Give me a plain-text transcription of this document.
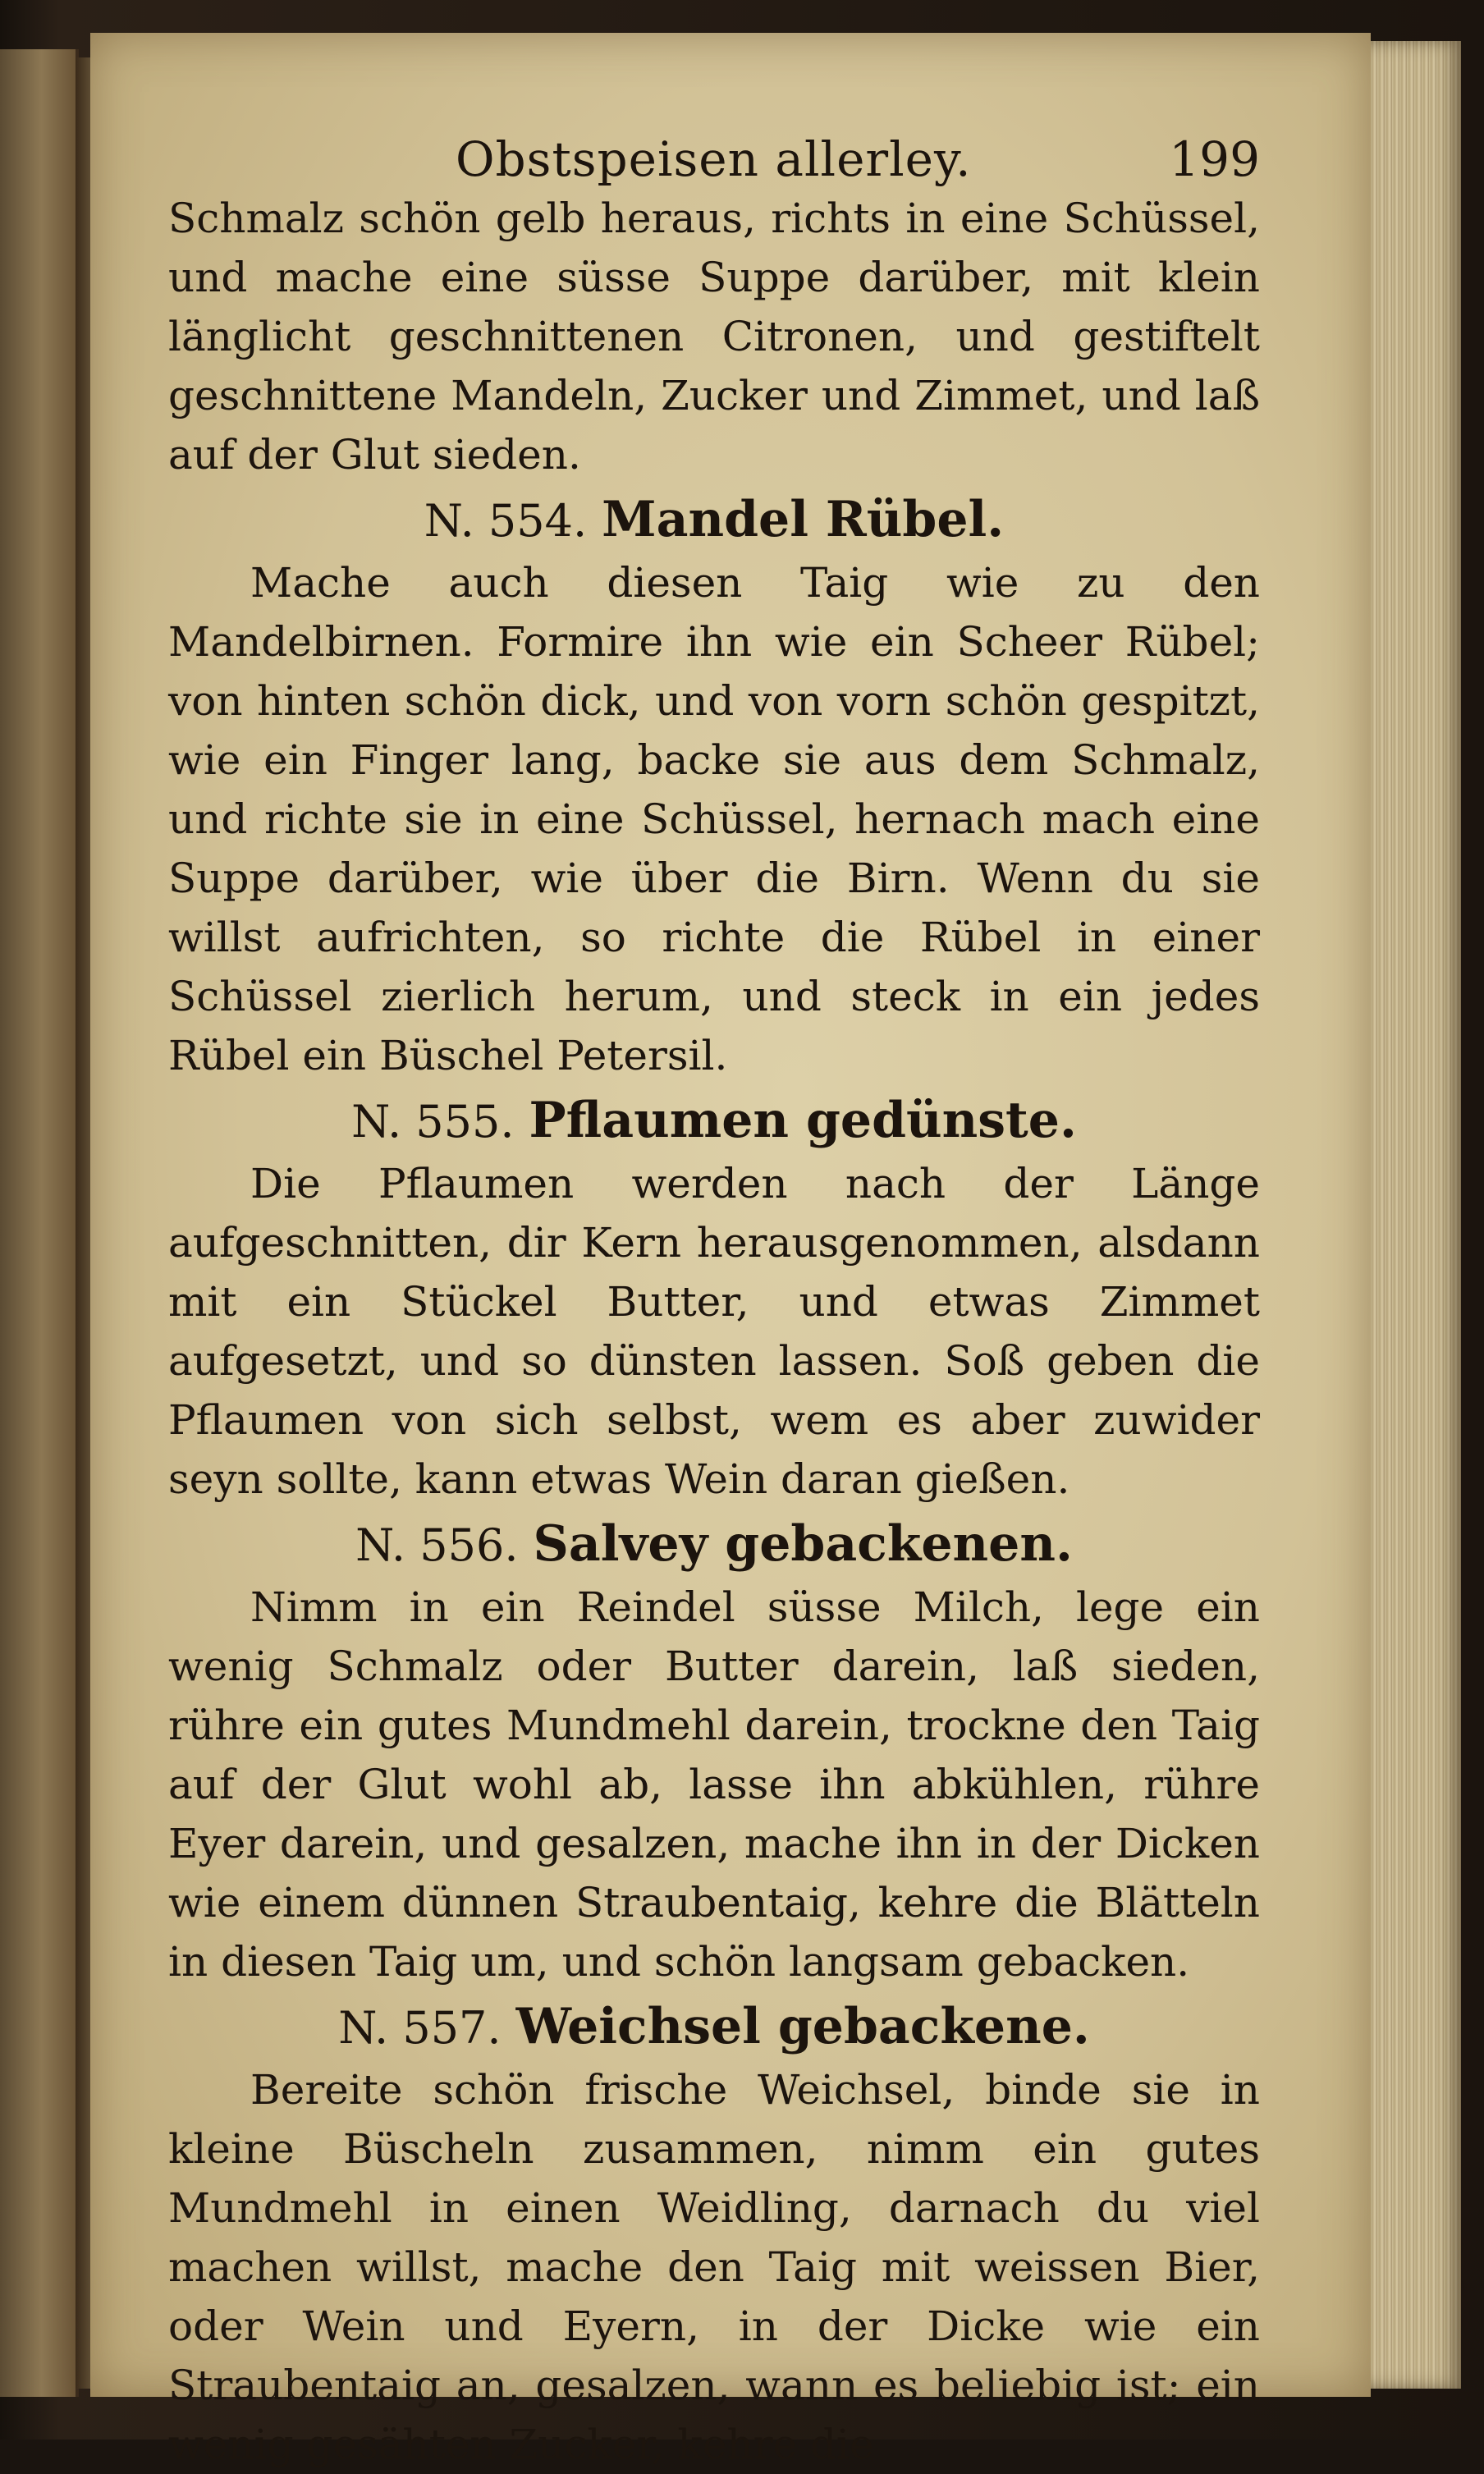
Obstspeisen allerley.	199

Schmalz schön gelb heraus, richts in eine Schüssel, und mache eine süsse Suppe darüber, mit klein länglicht geschnittenen Citronen, und gestiftelt geschnittene Mandeln, Zucker und Zimmet, und laß auf der Glut sieden.

N. 554. Mandel Rübel.

Mache auch diesen Taig wie zu den Mandelbirnen. Formire ihn wie ein Scheer Rübel; von hinten schön dick, und von vorn schön gespitzt, wie ein Finger lang, backe sie aus dem Schmalz, und richte sie in eine Schüssel, hernach mach eine Suppe darüber, wie über die Birn. Wenn du sie willst aufrichten, so richte die Rübel in einer Schüssel zierlich herum, und steck in ein jedes Rübel ein Büschel Petersil.

N. 555. Pflaumen gedünste.

Die Pflaumen werden nach der Länge aufgeschnitten, dir Kern herausgenommen, alsdann mit ein Stückel Butter, und etwas Zimmet aufgesetzt, und so dünsten lassen. Soß geben die Pflaumen von sich selbst, wem es aber zuwider seyn sollte, kann etwas Wein daran gießen.

N. 556. Salvey gebackenen.

Nimm in ein Reindel süsse Milch, lege ein wenig Schmalz oder Butter darein, laß sieden, rühre ein gutes Mundmehl darein, trockne den Taig auf der Glut wohl ab, lasse ihn abkühlen, rühre Eyer darein, und gesalzen, mache ihn in der Dicken wie einem dünnen Straubentaig, kehre die Blätteln in diesen Taig um, und schön langsam gebacken.

N. 557. Weichsel gebackene.

Bereite schön frische Weichsel, binde sie in kleine Büscheln zusammen, nimm ein gutes Mundmehl in einen Weidling, darnach du viel machen willst, mache den Taig mit weissen Bier, oder Wein und Eyern, in der Dicke wie ein Straubentaig an, gesalzen, wann es beliebig ist; ein wenig gesähten Zucker, kehre die
